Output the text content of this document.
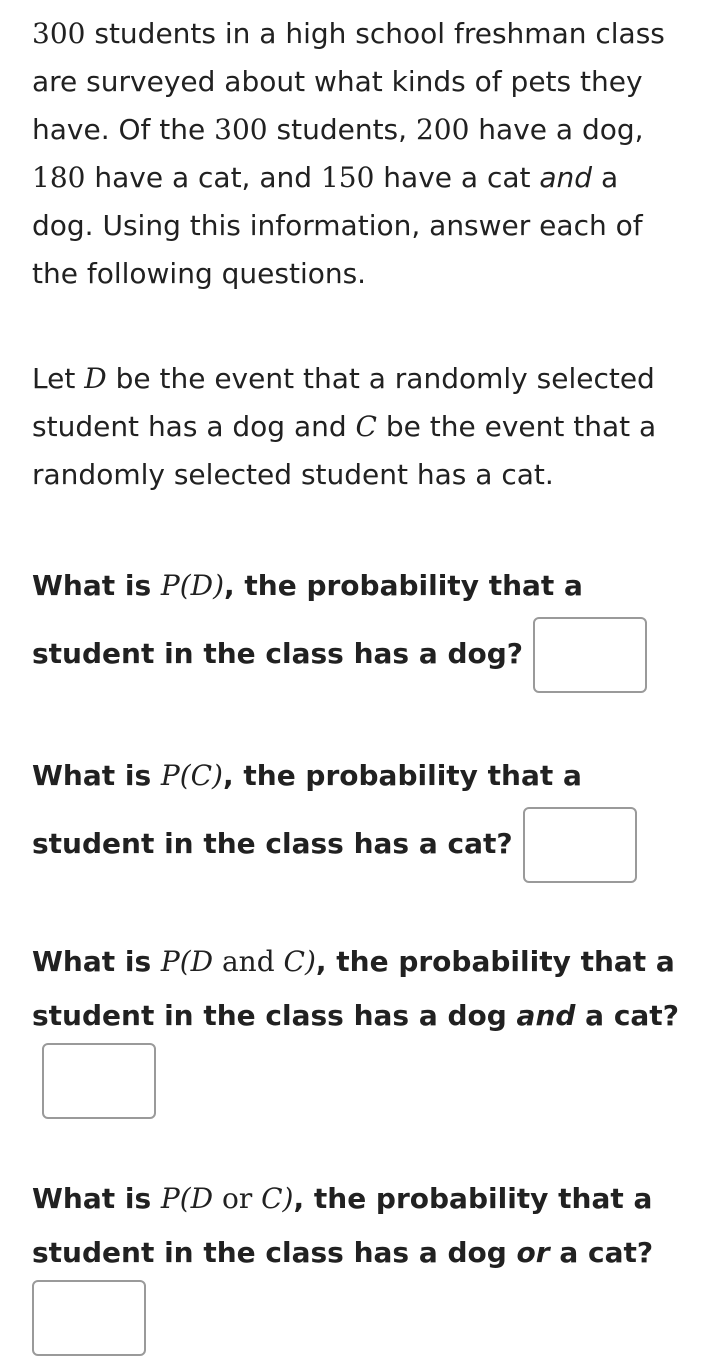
300 students in a high school freshman class are surveyed about what kinds of pets they have. Of the 300 students, 200 have a dog, 180 have a cat, and 150 have a cat and a dog. Using this information, answer each of the following questions.

Let D be the event that a randomly selected student has a dog and C be the event that a randomly selected student has a cat.

What is P(D), the probability that a student in the class has a dog?

What is P(C), the probability that a student in the class has a cat?

What is P(D and C), the probability that a student in the class has a dog and a cat?

What is P(D or C), the probability that a student in the class has a dog or a cat?
